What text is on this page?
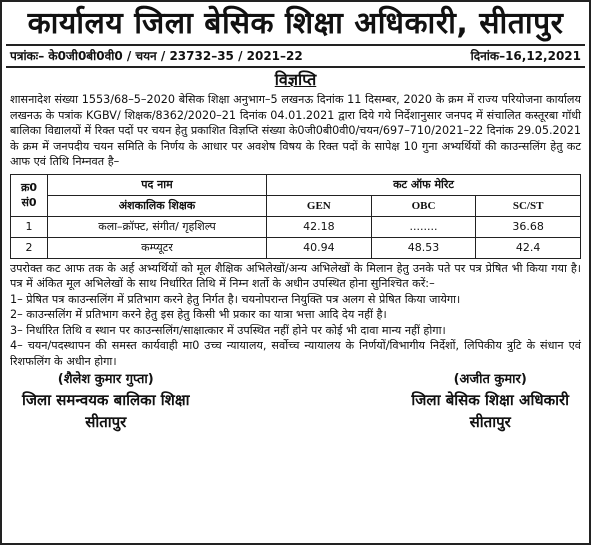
कार्यालय जिला बेसिक शिक्षा अधिकारी, सीतापुर
पत्रांकः– के0जी0बी0वी0 / चयन / 23732–35 / 2021–22	दिनांक–16,12,2021
विज्ञप्ति

शासनादेश संख्या 1553/68–5–2020 बेसिक शिक्षा अनुभाग–5 लखनऊ दिनांक 11 दिसम्बर, 2020 के क्रम में राज्य परियोजना कार्यालय लखनऊ के पत्रांक KGBV/ शिक्षक/8362/2020–21 दिनांक 04.01.2021 द्वारा दिये गये निर्देशानुसार जनपद में संचालित कस्तूरबा गॉधी बालिका विद्यालयों में रिक्त पदों पर चयन हेतु प्रकाशित विज्ञप्ति संख्या के0जी0बी0वी0/चयन/697–710/2021–22 दिनांक 29.05.2021 के क्रम में जनपदीय चयन समिति के निर्णय के आधार पर अवशेष विषय के रिक्त पदों के सापेक्ष 10 गुना अभ्यर्थियों की काउन्सलिंग हेतु कट आफ एवं तिथि निम्नवत है–

क्र0 सं0	पद नाम	कट ऑफ मेरिट		
	अंशकालिक शिक्षक	GEN	OBC	SC/ST
1	कला–क्रॉफ्ट, संगीत/ गृहशिल्प	42.18	........	36.68
2	कम्प्यूटर	40.94	48.53	42.4

उपरोक्त कट आफ तक के अर्ह अभ्यर्थियों को मूल शैक्षिक अभिलेखों/अन्य अभिलेखों के मिलान हेतु उनके पते पर पत्र प्रेषित भी किया गया है। पत्र में अंकित मूल अभिलेखों के साथ निर्धारित तिथि में निम्न शर्तो के अधीन उपस्थित होना सुनिश्चित करें:–

1– प्रेषित पत्र काउन्सलिंग में प्रतिभाग करने हेतु निर्गत है। चयनोपरान्त नियुक्ति पत्र अलग से प्रेषित किया जायेगा।

2– काउन्सलिंग में प्रतिभाग करने हेतु इस हेतु किसी भी प्रकार का यात्रा भत्ता आदि देय नहीं है।

3– निर्धारित तिथि व स्थान पर काउन्सलिंग/साक्षात्कार में उपस्थित नहीं होने पर कोई भी दावा मान्य नहीं होगा।

4– चयन/पदस्थापन की समस्त कार्यवाही मा0 उच्च न्यायालय, सर्वोच्च न्यायालय के निर्णयों/विभागीय निर्देशों, लिपिकीय त्रुटि के संधान एवं रिशफलिंग के अधीन होगा।

(शैलेश कुमार गुप्ता)
जिला समन्वयक बालिका शिक्षा
सीतापुर
(अजीत कुमार)
जिला बेसिक शिक्षा अधिकारी
सीतापुर
